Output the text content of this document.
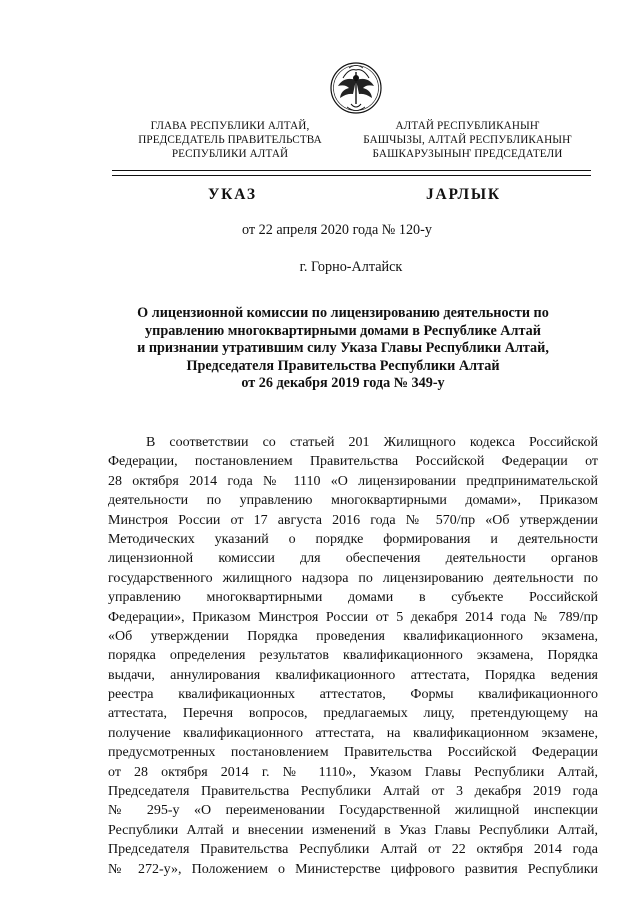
ГЛАВА РЕСПУБЛИКИ АЛТАЙ,
ПРЕДСЕДАТЕЛЬ ПРАВИТЕЛЬСТВА
РЕСПУБЛИКИ АЛТАЙ
АЛТАЙ РЕСПУБЛИКАНЫҤ
БАШЧЫЗЫ, АЛТАЙ РЕСПУБЛИКАНЫҤ
БАШКАРУЗЫНЫҤ ПРЕДСЕДАТЕЛИ
УКАЗ	JАРЛЫК
от 22 апреля 2020 года № 120-у
г. Горно-Алтайск
О лицензионной комиссии по лицензированию деятельности по
управлению многоквартирными домами в Республике Алтай
и признании утратившим силу Указа Главы Республики Алтай,
Председателя Правительства Республики Алтай
от 26 декабря 2019 года № 349-у
В соответствии со статьей 201 Жилищного кодекса Российской
Федерации, постановлением Правительства Российской Федерации от
28 октября 2014 года № 1110 «О лицензировании предпринимательской
деятельности по управлению многоквартирными домами», Приказом
Минстроя России от 17 августа 2016 года № 570/пр «Об утверждении
Методических указаний о порядке формирования и деятельности
лицензионной комиссии для обеспечения деятельности органов
государственного жилищного надзора по лицензированию деятельности по
управлению многоквартирными домами в субъекте Российской
Федерации», Приказом Минстроя России от 5 декабря 2014 года № 789/пр
«Об утверждении Порядка проведения квалификационного экзамена,
порядка определения результатов квалификационного экзамена, Порядка
выдачи, аннулирования квалификационного аттестата, Порядка ведения
реестра квалификационных аттестатов, Формы квалификационного
аттестата, Перечня вопросов, предлагаемых лицу, претендующему на
получение квалификационного аттестата, на квалификационном экзамене,
предусмотренных постановлением Правительства Российской Федерации
от 28 октября 2014 г. № 1110», Указом Главы Республики Алтай,
Председателя Правительства Республики Алтай от 3 декабря 2019 года
№ 295-у «О переименовании Государственной жилищной инспекции
Республики Алтай и внесении изменений в Указ Главы Республики Алтай,
Председателя Правительства Республики Алтай от 22 октября 2014 года
№ 272-у», Положением о Министерстве цифрового развития Республики
